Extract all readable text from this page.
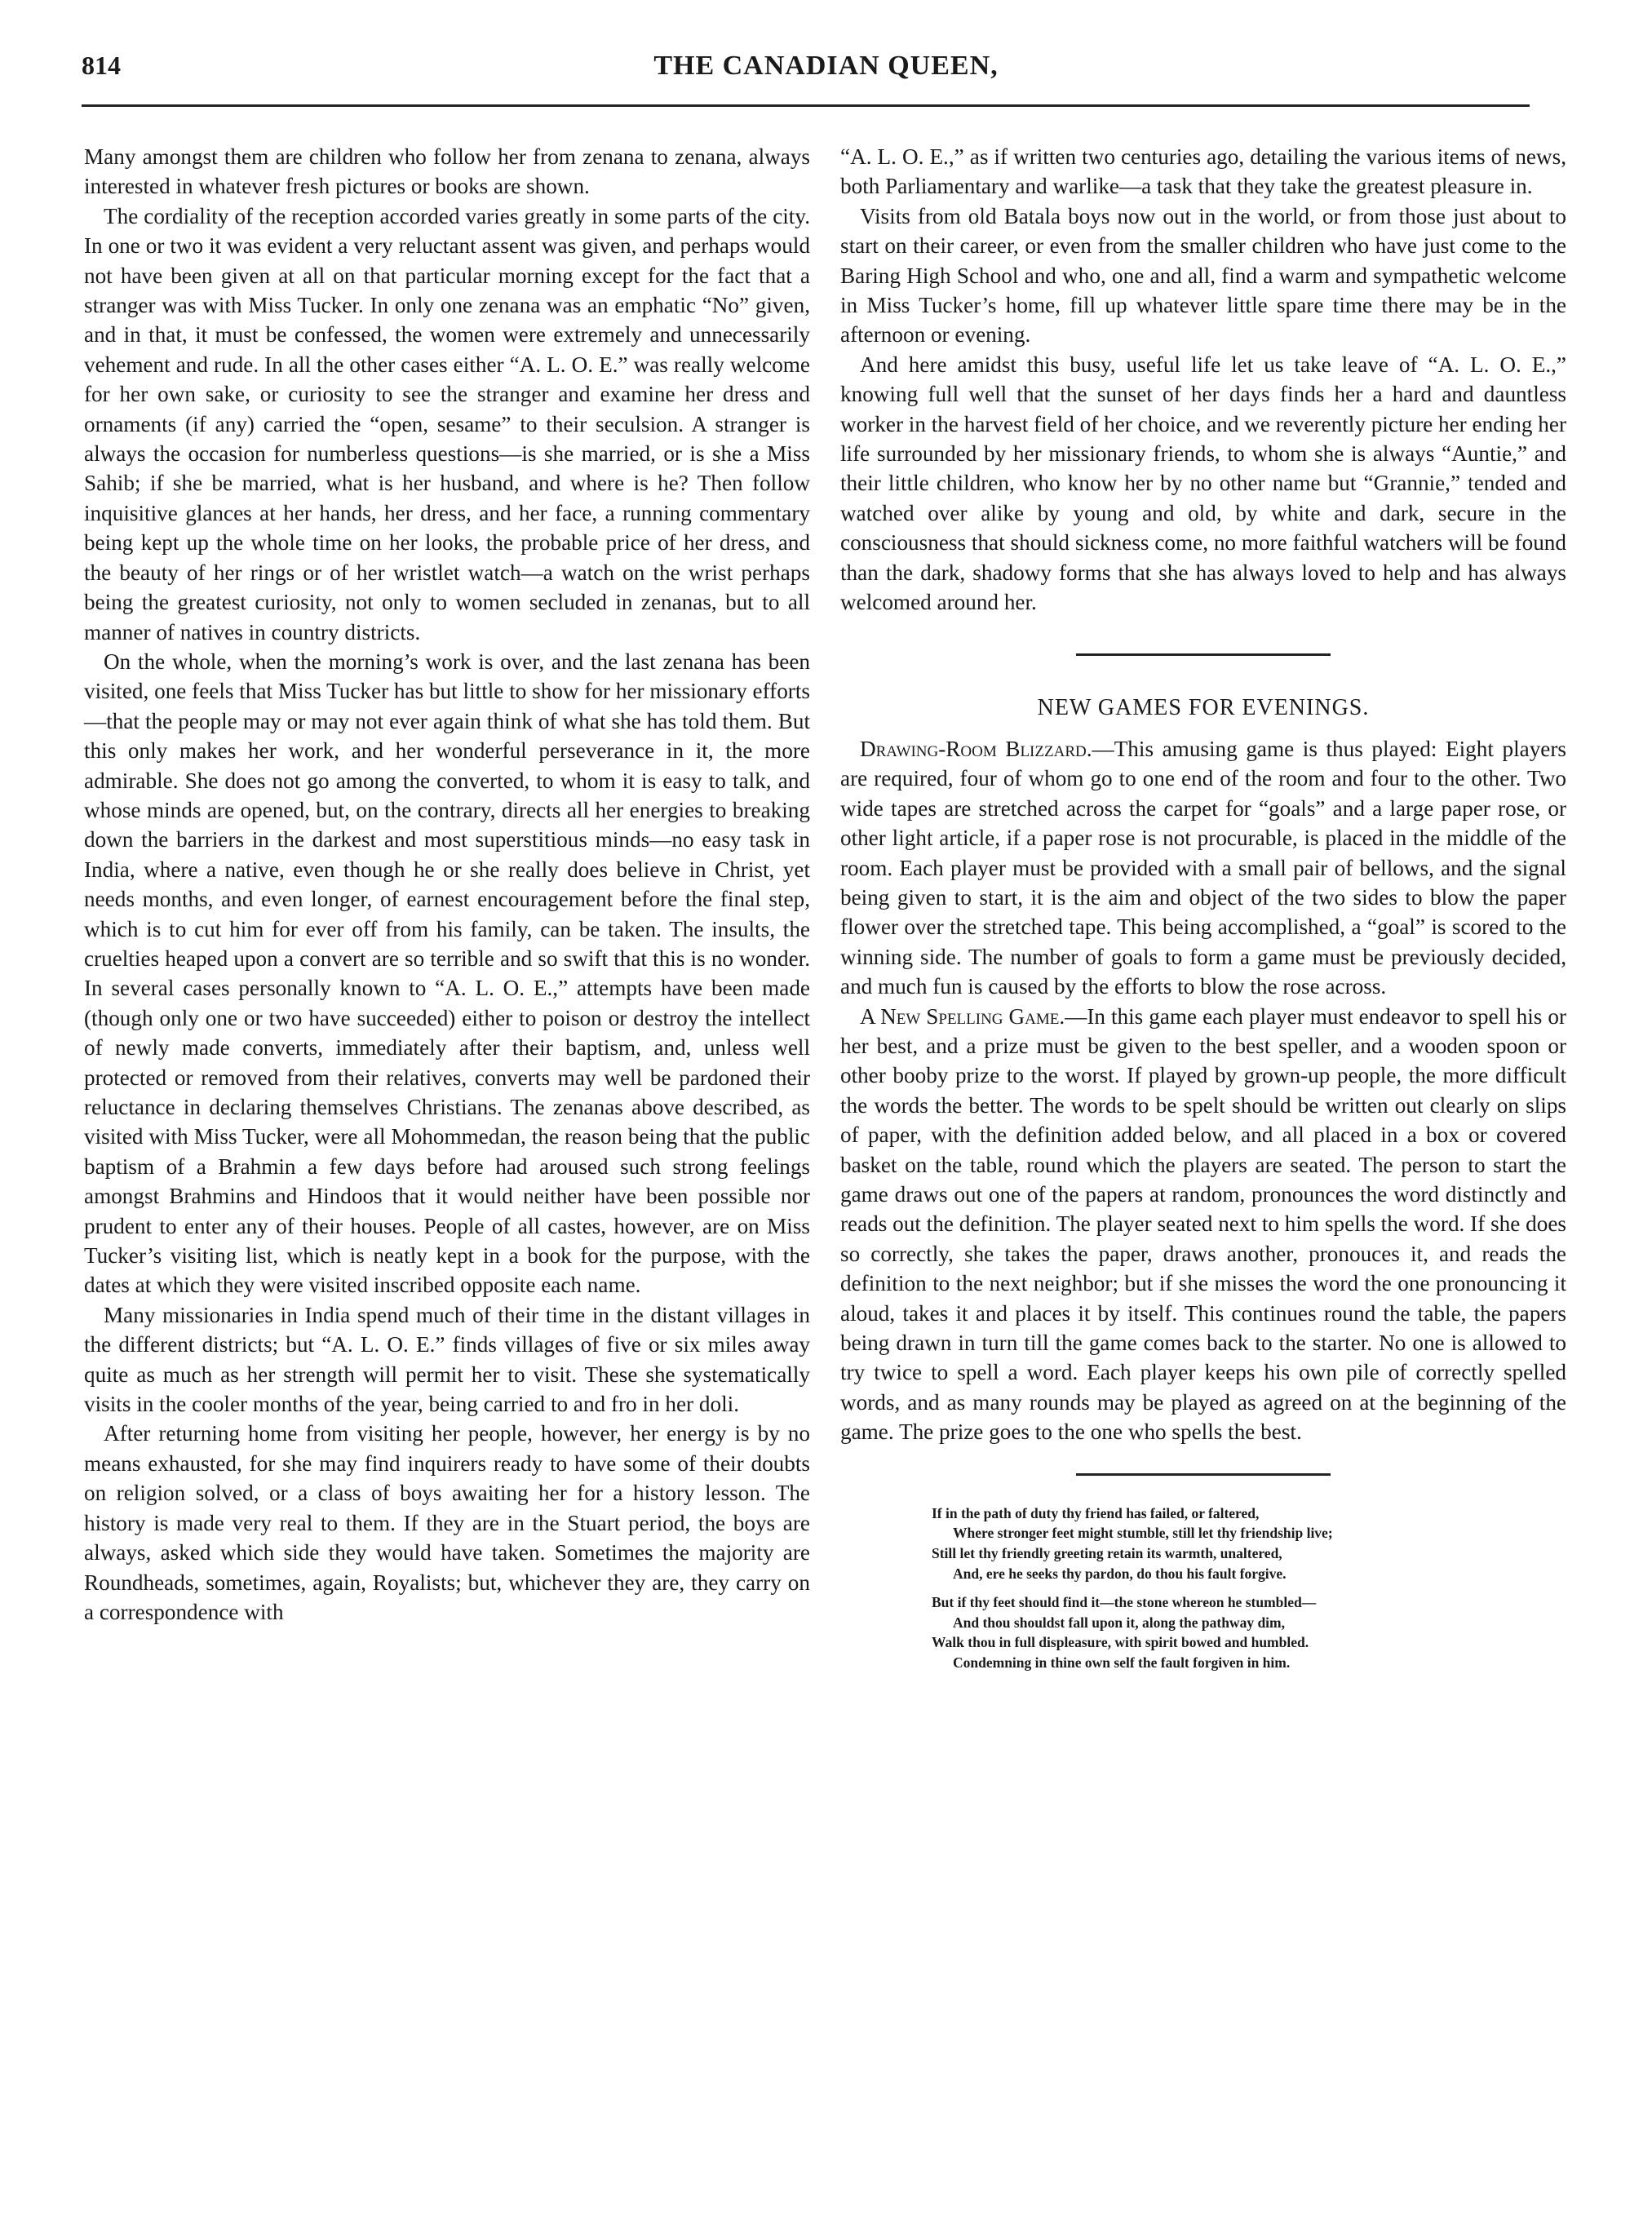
814	THE CANADIAN QUEEN,

Many amongst them are children who follow her from zenana to zenana, always interested in whatever fresh pictures or books are shown.

The cordiality of the reception accorded varies greatly in some parts of the city. In one or two it was evident a very reluctant assent was given, and perhaps would not have been given at all on that particular morning except for the fact that a stranger was with Miss Tucker. In only one zenana was an emphatic “No” given, and in that, it must be confessed, the women were extremely and unnecessarily vehement and rude. In all the other cases either “A. L. O. E.” was really welcome for her own sake, or curiosity to see the stranger and examine her dress and ornaments (if any) carried the “open, sesame” to their seculsion. A stranger is always the occasion for numberless questions—is she married, or is she a Miss Sahib; if she be married, what is her husband, and where is he? Then follow inquisitive glances at her hands, her dress, and her face, a running commentary being kept up the whole time on her looks, the probable price of her dress, and the beauty of her rings or of her wristlet watch—a watch on the wrist perhaps being the greatest curiosity, not only to women secluded in zenanas, but to all manner of natives in country districts.

On the whole, when the morning’s work is over, and the last zenana has been visited, one feels that Miss Tucker has but little to show for her missionary efforts—that the people may or may not ever again think of what she has told them. But this only makes her work, and her wonderful perseverance in it, the more admirable. She does not go among the converted, to whom it is easy to talk, and whose minds are opened, but, on the contrary, directs all her energies to breaking down the barriers in the darkest and most superstitious minds—no easy task in India, where a native, even though he or she really does believe in Christ, yet needs months, and even longer, of earnest encouragement before the final step, which is to cut him for ever off from his family, can be taken. The insults, the cruelties heaped upon a convert are so terrible and so swift that this is no wonder. In several cases personally known to “A. L. O. E.,” attempts have been made (though only one or two have succeeded) either to poison or destroy the intellect of newly made converts, immediately after their baptism, and, unless well protected or removed from their relatives, converts may well be pardoned their reluctance in declaring themselves Christians. The zenanas above described, as visited with Miss Tucker, were all Mohommedan, the reason being that the public baptism of a Brahmin a few days before had aroused such strong feelings amongst Brahmins and Hindoos that it would neither have been possible nor prudent to enter any of their houses. People of all castes, however, are on Miss Tucker’s visiting list, which is neatly kept in a book for the purpose, with the dates at which they were visited inscribed opposite each name.

Many missionaries in India spend much of their time in the distant villages in the different districts; but “A. L. O. E.” finds villages of five or six miles away quite as much as her strength will permit her to visit. These she systematically visits in the cooler months of the year, being carried to and fro in her doli.

After returning home from visiting her people, however, her energy is by no means exhausted, for she may find inquirers ready to have some of their doubts on religion solved, or a class of boys awaiting her for a history lesson. The history is made very real to them. If they are in the Stuart period, the boys are always, asked which side they would have taken. Sometimes the majority are Roundheads, sometimes, again, Royalists; but, whichever they are, they carry on a correspondence with

“A. L. O. E.,” as if written two centuries ago, detailing the various items of news, both Parliamentary and warlike—a task that they take the greatest pleasure in.

Visits from old Batala boys now out in the world, or from those just about to start on their career, or even from the smaller children who have just come to the Baring High School and who, one and all, find a warm and sympathetic welcome in Miss Tucker’s home, fill up whatever little spare time there may be in the afternoon or evening.

And here amidst this busy, useful life let us take leave of “A. L. O. E.,” knowing full well that the sunset of her days finds her a hard and dauntless worker in the harvest field of her choice, and we reverently picture her ending her life surrounded by her missionary friends, to whom she is always “Auntie,” and their little children, who know her by no other name but “Grannie,” tended and watched over alike by young and old, by white and dark, secure in the consciousness that should sickness come, no more faithful watchers will be found than the dark, shadowy forms that she has always loved to help and has always welcomed around her.

NEW GAMES FOR EVENINGS.

Drawing-Room Blizzard.—This amusing game is thus played: Eight players are required, four of whom go to one end of the room and four to the other. Two wide tapes are stretched across the carpet for “goals” and a large paper rose, or other light article, if a paper rose is not procurable, is placed in the middle of the room. Each player must be provided with a small pair of bellows, and the signal being given to start, it is the aim and object of the two sides to blow the paper flower over the stretched tape. This being accomplished, a “goal” is scored to the winning side. The number of goals to form a game must be previously decided, and much fun is caused by the efforts to blow the rose across.

A New Spelling Game.—In this game each player must endeavor to spell his or her best, and a prize must be given to the best speller, and a wooden spoon or other booby prize to the worst. If played by grown-up people, the more difficult the words the better. The words to be spelt should be written out clearly on slips of paper, with the definition added below, and all placed in a box or covered basket on the table, round which the players are seated. The person to start the game draws out one of the papers at random, pronounces the word distinctly and reads out the definition. The player seated next to him spells the word. If she does so correctly, she takes the paper, draws another, pronouces it, and reads the definition to the next neighbor; but if she misses the word the one pronouncing it aloud, takes it and places it by itself. This continues round the table, the papers being drawn in turn till the game comes back to the starter. No one is allowed to try twice to spell a word. Each player keeps his own pile of correctly spelled words, and as many rounds may be played as agreed on at the beginning of the game. The prize goes to the one who spells the best.

If in the path of duty thy friend has failed, or faltered,
Where stronger feet might stumble, still let thy friendship live;
Still let thy friendly greeting retain its warmth, unaltered,
And, ere he seeks thy pardon, do thou his fault forgive.
But if thy feet should find it—the stone whereon he stumbled—
And thou shouldst fall upon it, along the pathway dim,
Walk thou in full displeasure, with spirit bowed and humbled.
Condemning in thine own self the fault forgiven in him.
